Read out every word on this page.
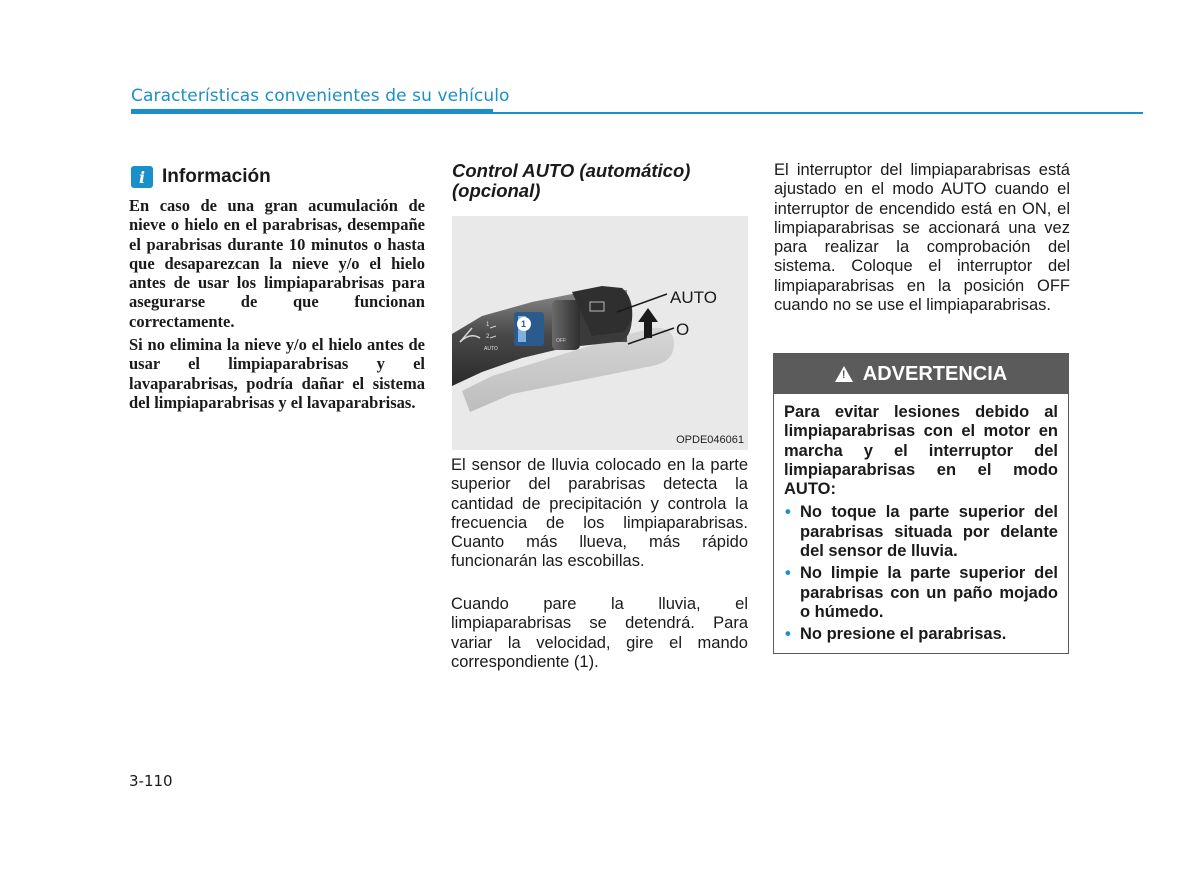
Características convenientes de su vehículo
i Información

En caso de una gran acumulación de nieve o hielo en el parabrisas, desempañe el parabrisas durante 10 minutos o hasta que desaparezcan la nieve y/o el hielo antes de usar los limpiaparabrisas para asegurarse de que funcionan correctamente.

Si no elimina la nieve y/o el hielo antes de usar el limpiaparabrisas y el lavaparabrisas, podría dañar el sistema del limpiaparabrisas y el lavaparabrisas.

Control AUTO (automático) (opcional)
1
2
AUTO
OFF
1
AUTO
O
OPDE046061

El sensor de lluvia colocado en la parte superior del parabrisas detecta la cantidad de precipitación y controla la frecuencia de los limpiaparabrisas. Cuanto más llueva, más rápido funcionarán las escobillas.

Cuando pare la lluvia, el limpiaparabrisas se detendrá. Para variar la velocidad, gire el mando correspondiente (1).

El interruptor del limpiaparabrisas está ajustado en el modo AUTO cuando el interruptor de encendido está en ON, el limpiaparabrisas se accionará una vez para realizar la comprobación del sistema. Coloque el interruptor del limpiaparabrisas en la posición OFF cuando no se use el limpiaparabrisas.

! ADVERTENCIA
Para evitar lesiones debido al limpiaparabrisas con el motor en marcha y el interruptor del limpiaparabrisas en el modo AUTO:
• No toque la parte superior del parabrisas situada por delante del sensor de lluvia.
• No limpie la parte superior del parabrisas con un paño mojado o húmedo.
• No presione el parabrisas.
3-110
